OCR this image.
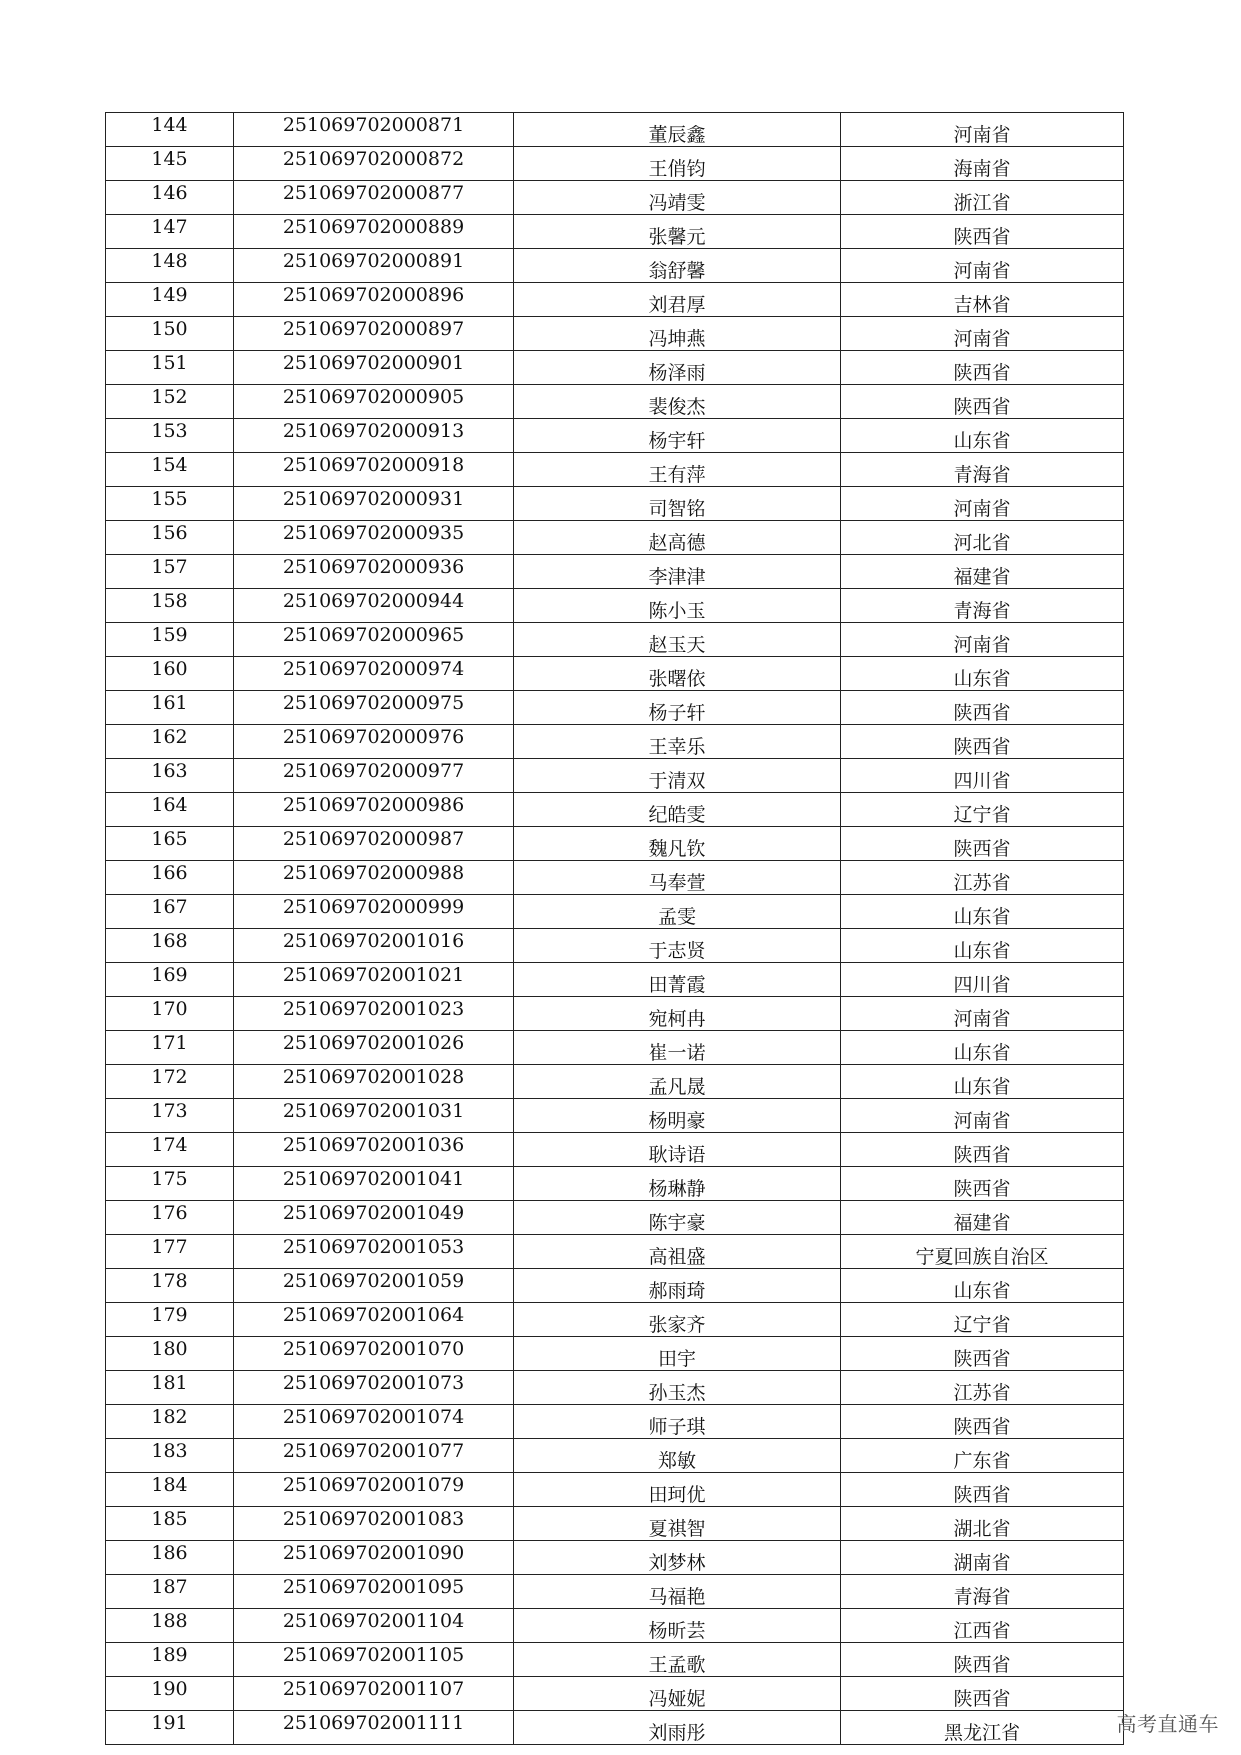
144	251069702000871	董辰鑫	河南省
145	251069702000872	王俏钧	海南省
146	251069702000877	冯靖雯	浙江省
147	251069702000889	张馨元	陕西省
148	251069702000891	翁舒馨	河南省
149	251069702000896	刘君厚	吉林省
150	251069702000897	冯坤燕	河南省
151	251069702000901	杨泽雨	陕西省
152	251069702000905	裴俊杰	陕西省
153	251069702000913	杨宇轩	山东省
154	251069702000918	王有萍	青海省
155	251069702000931	司智铭	河南省
156	251069702000935	赵高德	河北省
157	251069702000936	李津津	福建省
158	251069702000944	陈小玉	青海省
159	251069702000965	赵玉天	河南省
160	251069702000974	张曙依	山东省
161	251069702000975	杨子轩	陕西省
162	251069702000976	王幸乐	陕西省
163	251069702000977	于清双	四川省
164	251069702000986	纪皓雯	辽宁省
165	251069702000987	魏凡钦	陕西省
166	251069702000988	马奉萱	江苏省
167	251069702000999	孟雯	山东省
168	251069702001016	于志贤	山东省
169	251069702001021	田菁霞	四川省
170	251069702001023	宛柯冉	河南省
171	251069702001026	崔一诺	山东省
172	251069702001028	孟凡晟	山东省
173	251069702001031	杨明豪	河南省
174	251069702001036	耿诗语	陕西省
175	251069702001041	杨琳静	陕西省
176	251069702001049	陈宇豪	福建省
177	251069702001053	高祖盛	宁夏回族自治区
178	251069702001059	郝雨琦	山东省
179	251069702001064	张家齐	辽宁省
180	251069702001070	田宇	陕西省
181	251069702001073	孙玉杰	江苏省
182	251069702001074	师子琪	陕西省
183	251069702001077	郑敏	广东省
184	251069702001079	田珂优	陕西省
185	251069702001083	夏祺智	湖北省
186	251069702001090	刘梦林	湖南省
187	251069702001095	马福艳	青海省
188	251069702001104	杨昕芸	江西省
189	251069702001105	王孟歌	陕西省
190	251069702001107	冯娅妮	陕西省
191	251069702001111	刘雨彤	黑龙江省	高考直通车
